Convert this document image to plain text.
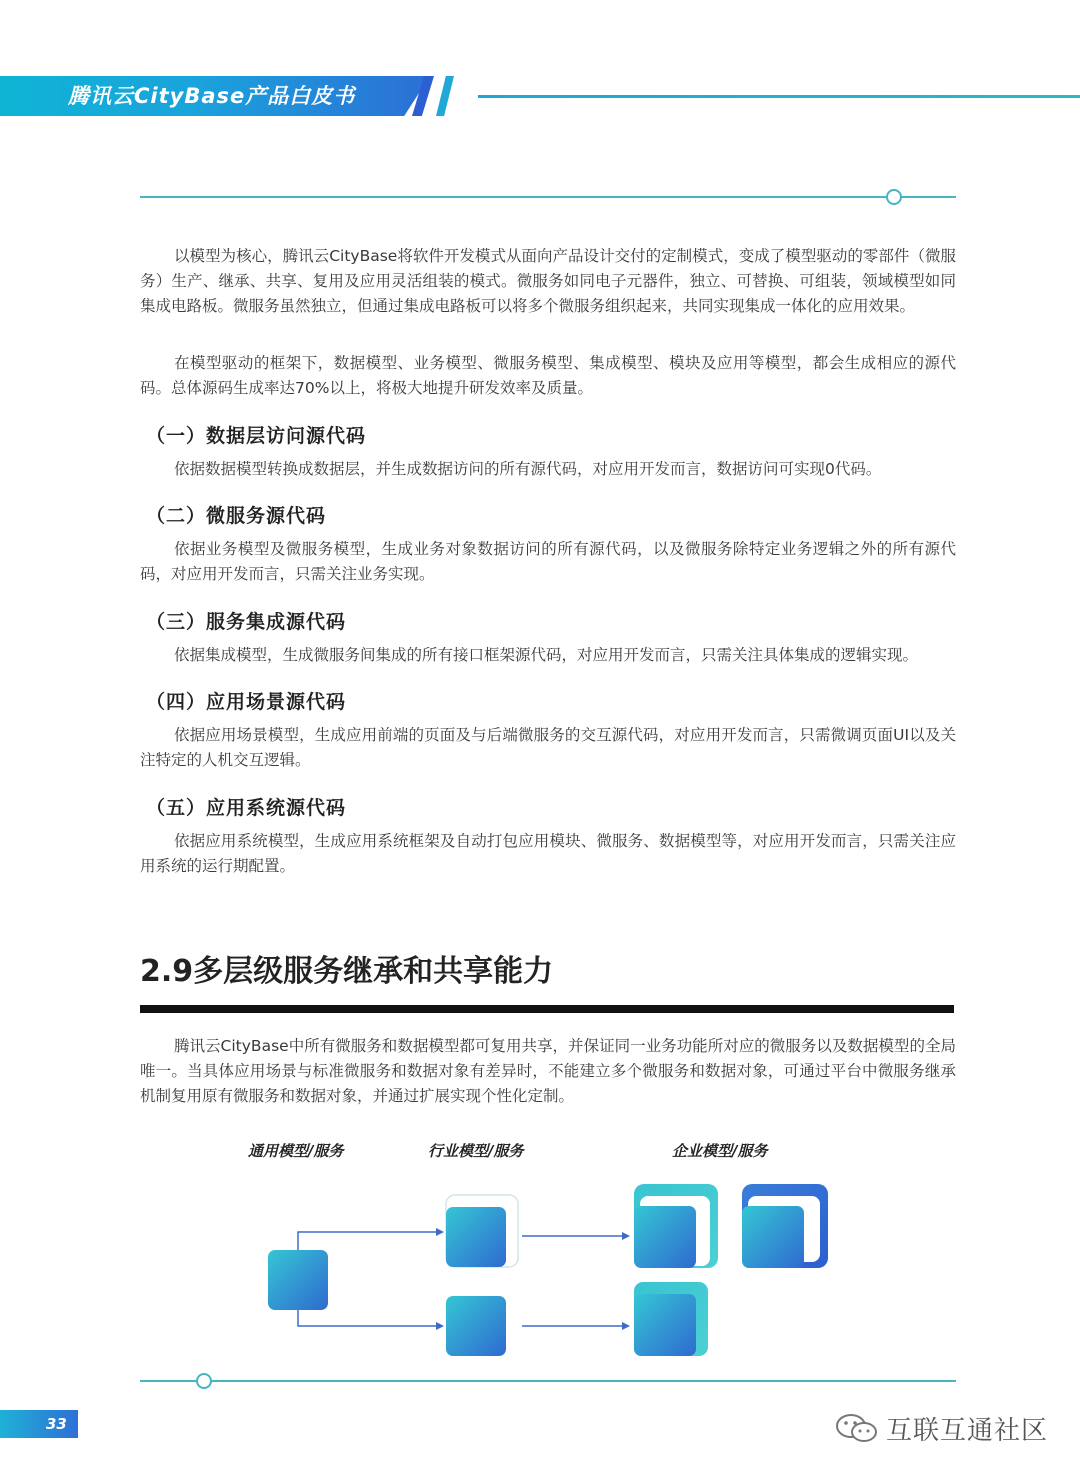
腾讯云CityBase产品白皮书

以模型为核心，腾讯云CityBase将软件开发模式从面向产品设计交付的定制模式，变成了模型驱动的零部件（微服务）生产、继承、共享、复用及应用灵活组装的模式。微服务如同电子元器件，独立、可替换、可组装，领域模型如同集成电路板。微服务虽然独立，但通过集成电路板可以将多个微服务组织起来，共同实现集成一体化的应用效果。

在模型驱动的框架下，数据模型、业务模型、微服务模型、集成模型、模块及应用等模型，都会生成相应的源代码。总体源码生成率达70%以上，将极大地提升研发效率及质量。

（一）数据层访问源代码

依据数据模型转换成数据层，并生成数据访问的所有源代码，对应用开发而言，数据访问可实现0代码。

（二）微服务源代码

依据业务模型及微服务模型，生成业务对象数据访问的所有源代码，以及微服务除特定业务逻辑之外的所有源代码，对应用开发而言，只需关注业务实现。

（三）服务集成源代码

依据集成模型，生成微服务间集成的所有接口框架源代码，对应用开发而言，只需关注具体集成的逻辑实现。

（四）应用场景源代码

依据应用场景模型，生成应用前端的页面及与后端微服务的交互源代码，对应用开发而言，只需微调页面UI以及关注特定的人机交互逻辑。

（五）应用系统源代码

依据应用系统模型，生成应用系统框架及自动打包应用模块、微服务、数据模型等，对应用开发而言，只需关注应用系统的运行期配置。

2.9多层级服务继承和共享能力

腾讯云CityBase中所有微服务和数据模型都可复用共享，并保证同一业务功能所对应的微服务以及数据模型的全局唯一。当具体应用场景与标准微服务和数据对象有差异时，不能建立多个微服务和数据对象，可通过平台中微服务继承机制复用原有微服务和数据对象，并通过扩展实现个性化定制。

通用模型/服务	行业模型/服务	企业模型/服务
33	互联互通社区
